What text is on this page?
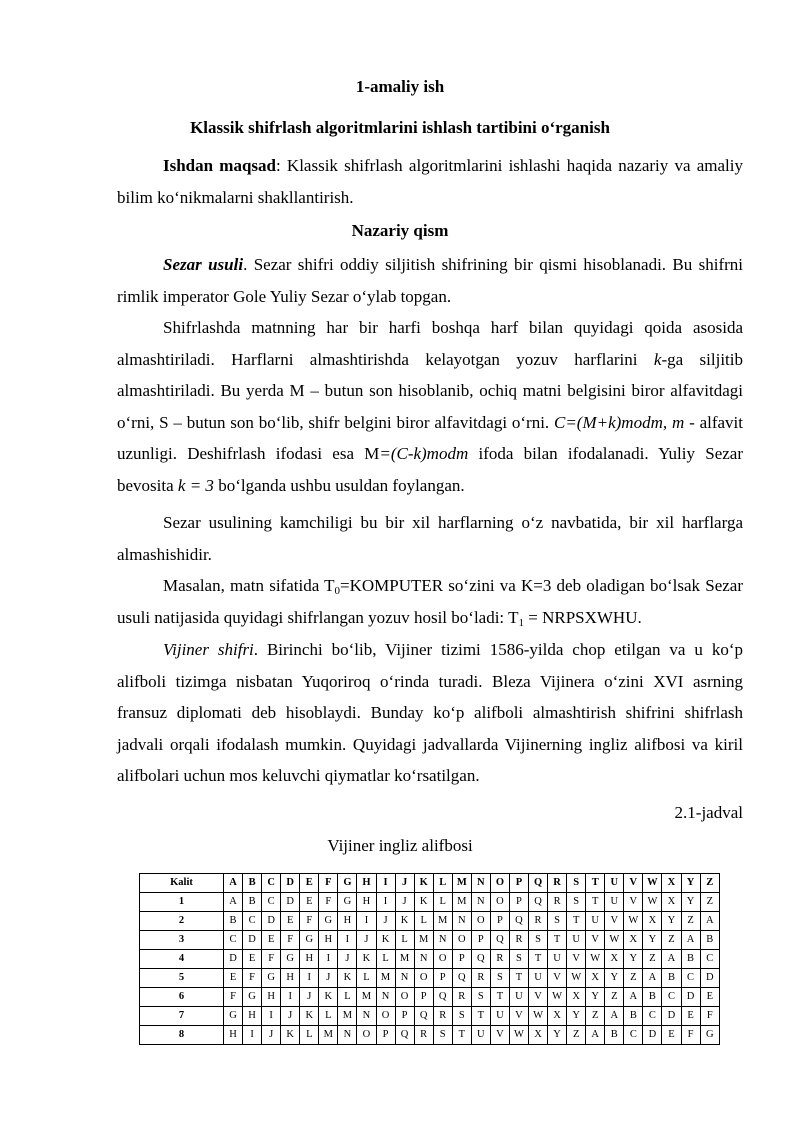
1-amaliy ish
Klassik shifrlash algoritmlarini ishlash tartibini o‘rganish

Ishdan maqsad: Klassik shifrlash algoritmlarini ishlashi haqida nazariy va amaliy bilim ko‘nikmalarni shakllantirish.

Nazariy qism

Sezar usuli. Sezar shifri oddiy siljitish shifrining bir qismi hisoblanadi. Bu shifrni rimlik imperator Gole Yuliy Sezar o‘ylab topgan.

Shifrlashda matnning har bir harfi boshqa harf bilan quyidagi qoida asosida almashtiriladi. Harflarni almashtirishda kelayotgan yozuv harflarini k-ga siljitib almashtiriladi. Bu yerda M – butun son hisoblanib, ochiq matni belgisini biror alfavitdagi o‘rni, S – butun son bo‘lib, shifr belgini biror alfavitdagi o‘rni. C=(M+k)modm, m - alfavit uzunligi. Deshifrlash ifodasi esa M=(C-k)modm ifoda bilan ifodalanadi. Yuliy Sezar bevosita k = 3 bo‘lganda ushbu usuldan foylangan.

Sezar usulining kamchiligi bu bir xil harflarning o‘z navbatida, bir xil harflarga almashishidir.

Masalan, matn sifatida $T_0=KOMPUTER$ so‘zini va K=3 deb oladigan bo‘lsak Sezar usuli natijasida quyidagi shifrlangan yozuv hosil bo‘ladi: $T_1$ = NRPSXWHU.

Vijiner shifri. Birinchi bo‘lib, Vijiner tizimi 1586-yilda chop etilgan va u ko‘p alifboli tizimga nisbatan Yuqoriroq o‘rinda turadi. Bleza Vijinera o‘zini XVI asrning fransuz diplomati deb hisoblaydi. Bunday ko‘p alifboli almashtirish shifrini shifrlash jadvali orqali ifodalash mumkin. Quyidagi jadvallarda Vijinerning ingliz alifbosi va kiril alifbolari uchun mos keluvchi qiymatlar ko‘rsatilgan.

2.1-jadval
Vijiner ingliz alifbosi
Kalit	A	B	C	D	E	F	G	H	I	J	K	L	M	N	O	P	Q	R	S	T	U	V	W	X	Y	Z
1	A	B	C	D	E	F	G	H	I	J	K	L	M	N	O	P	Q	R	S	T	U	V	W	X	Y	Z
2	B	C	D	E	F	G	H	I	J	K	L	M	N	O	P	Q	R	S	T	U	V	W	X	Y	Z	A
3	C	D	E	F	G	H	I	J	K	L	M	N	O	P	Q	R	S	T	U	V	W	X	Y	Z	A	B
4	D	E	F	G	H	I	J	K	L	M	N	O	P	Q	R	S	T	U	V	W	X	Y	Z	A	B	C
5	E	F	G	H	I	J	K	L	M	N	O	P	Q	R	S	T	U	V	W	X	Y	Z	A	B	C	D
6	F	G	H	I	J	K	L	M	N	O	P	Q	R	S	T	U	V	W	X	Y	Z	A	B	C	D	E
7	G	H	I	J	K	L	M	N	O	P	Q	R	S	T	U	V	W	X	Y	Z	A	B	C	D	E	F
8	H	I	J	K	L	M	N	O	P	Q	R	S	T	U	V	W	X	Y	Z	A	B	C	D	E	F	G
